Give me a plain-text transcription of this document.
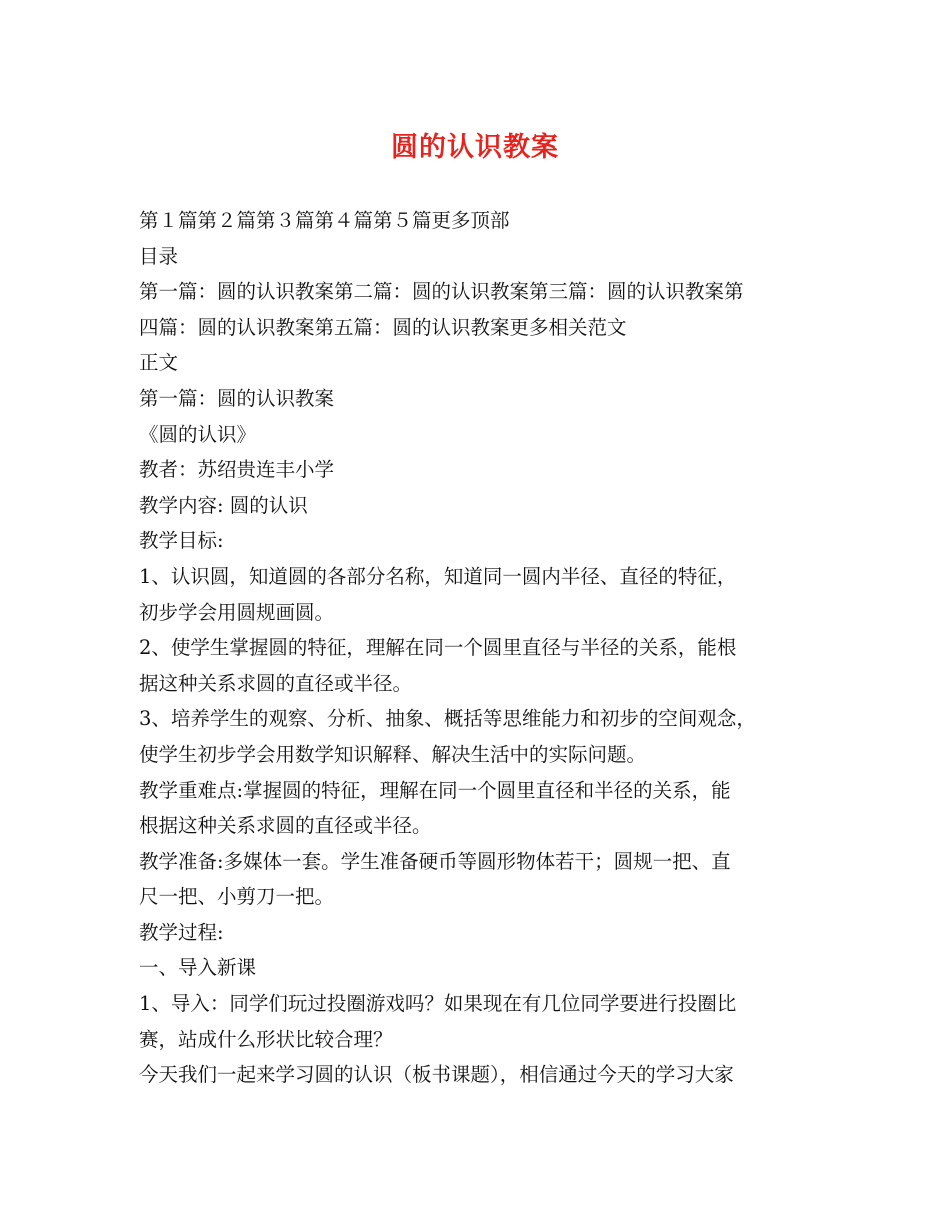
圆的认识教案
第１篇第２篇第３篇第４篇第５篇更多顶部
目录
第一篇：圆的认识教案第二篇：圆的认识教案第三篇：圆的认识教案第
四篇：圆的认识教案第五篇：圆的认识教案更多相关范文
正文
第一篇：圆的认识教案
《圆的认识》
教者：苏绍贵连丰小学
教学内容: 圆的认识
教学目标:
1、认识圆，知道圆的各部分名称，知道同一圆内半径、直径的特征，
初步学会用圆规画圆。
2、使学生掌握圆的特征，理解在同一个圆里直径与半径的关系，能根
据这种关系求圆的直径或半径。
3、培养学生的观察、分析、抽象、概括等思维能力和初步的空间观念，
使学生初步学会用数学知识解释、解决生活中的实际问题。
教学重难点:掌握圆的特征，理解在同一个圆里直径和半径的关系，能
根据这种关系求圆的直径或半径。
教学准备:多媒体一套。学生准备硬币等圆形物体若干；圆规一把、直
尺一把、小剪刀一把。
教学过程:
一、导入新课
1、导入：同学们玩过投圈游戏吗？如果现在有几位同学要进行投圈比
赛，站成什么形状比较合理？
今天我们一起来学习圆的认识（板书课题），相信通过今天的学习大家
